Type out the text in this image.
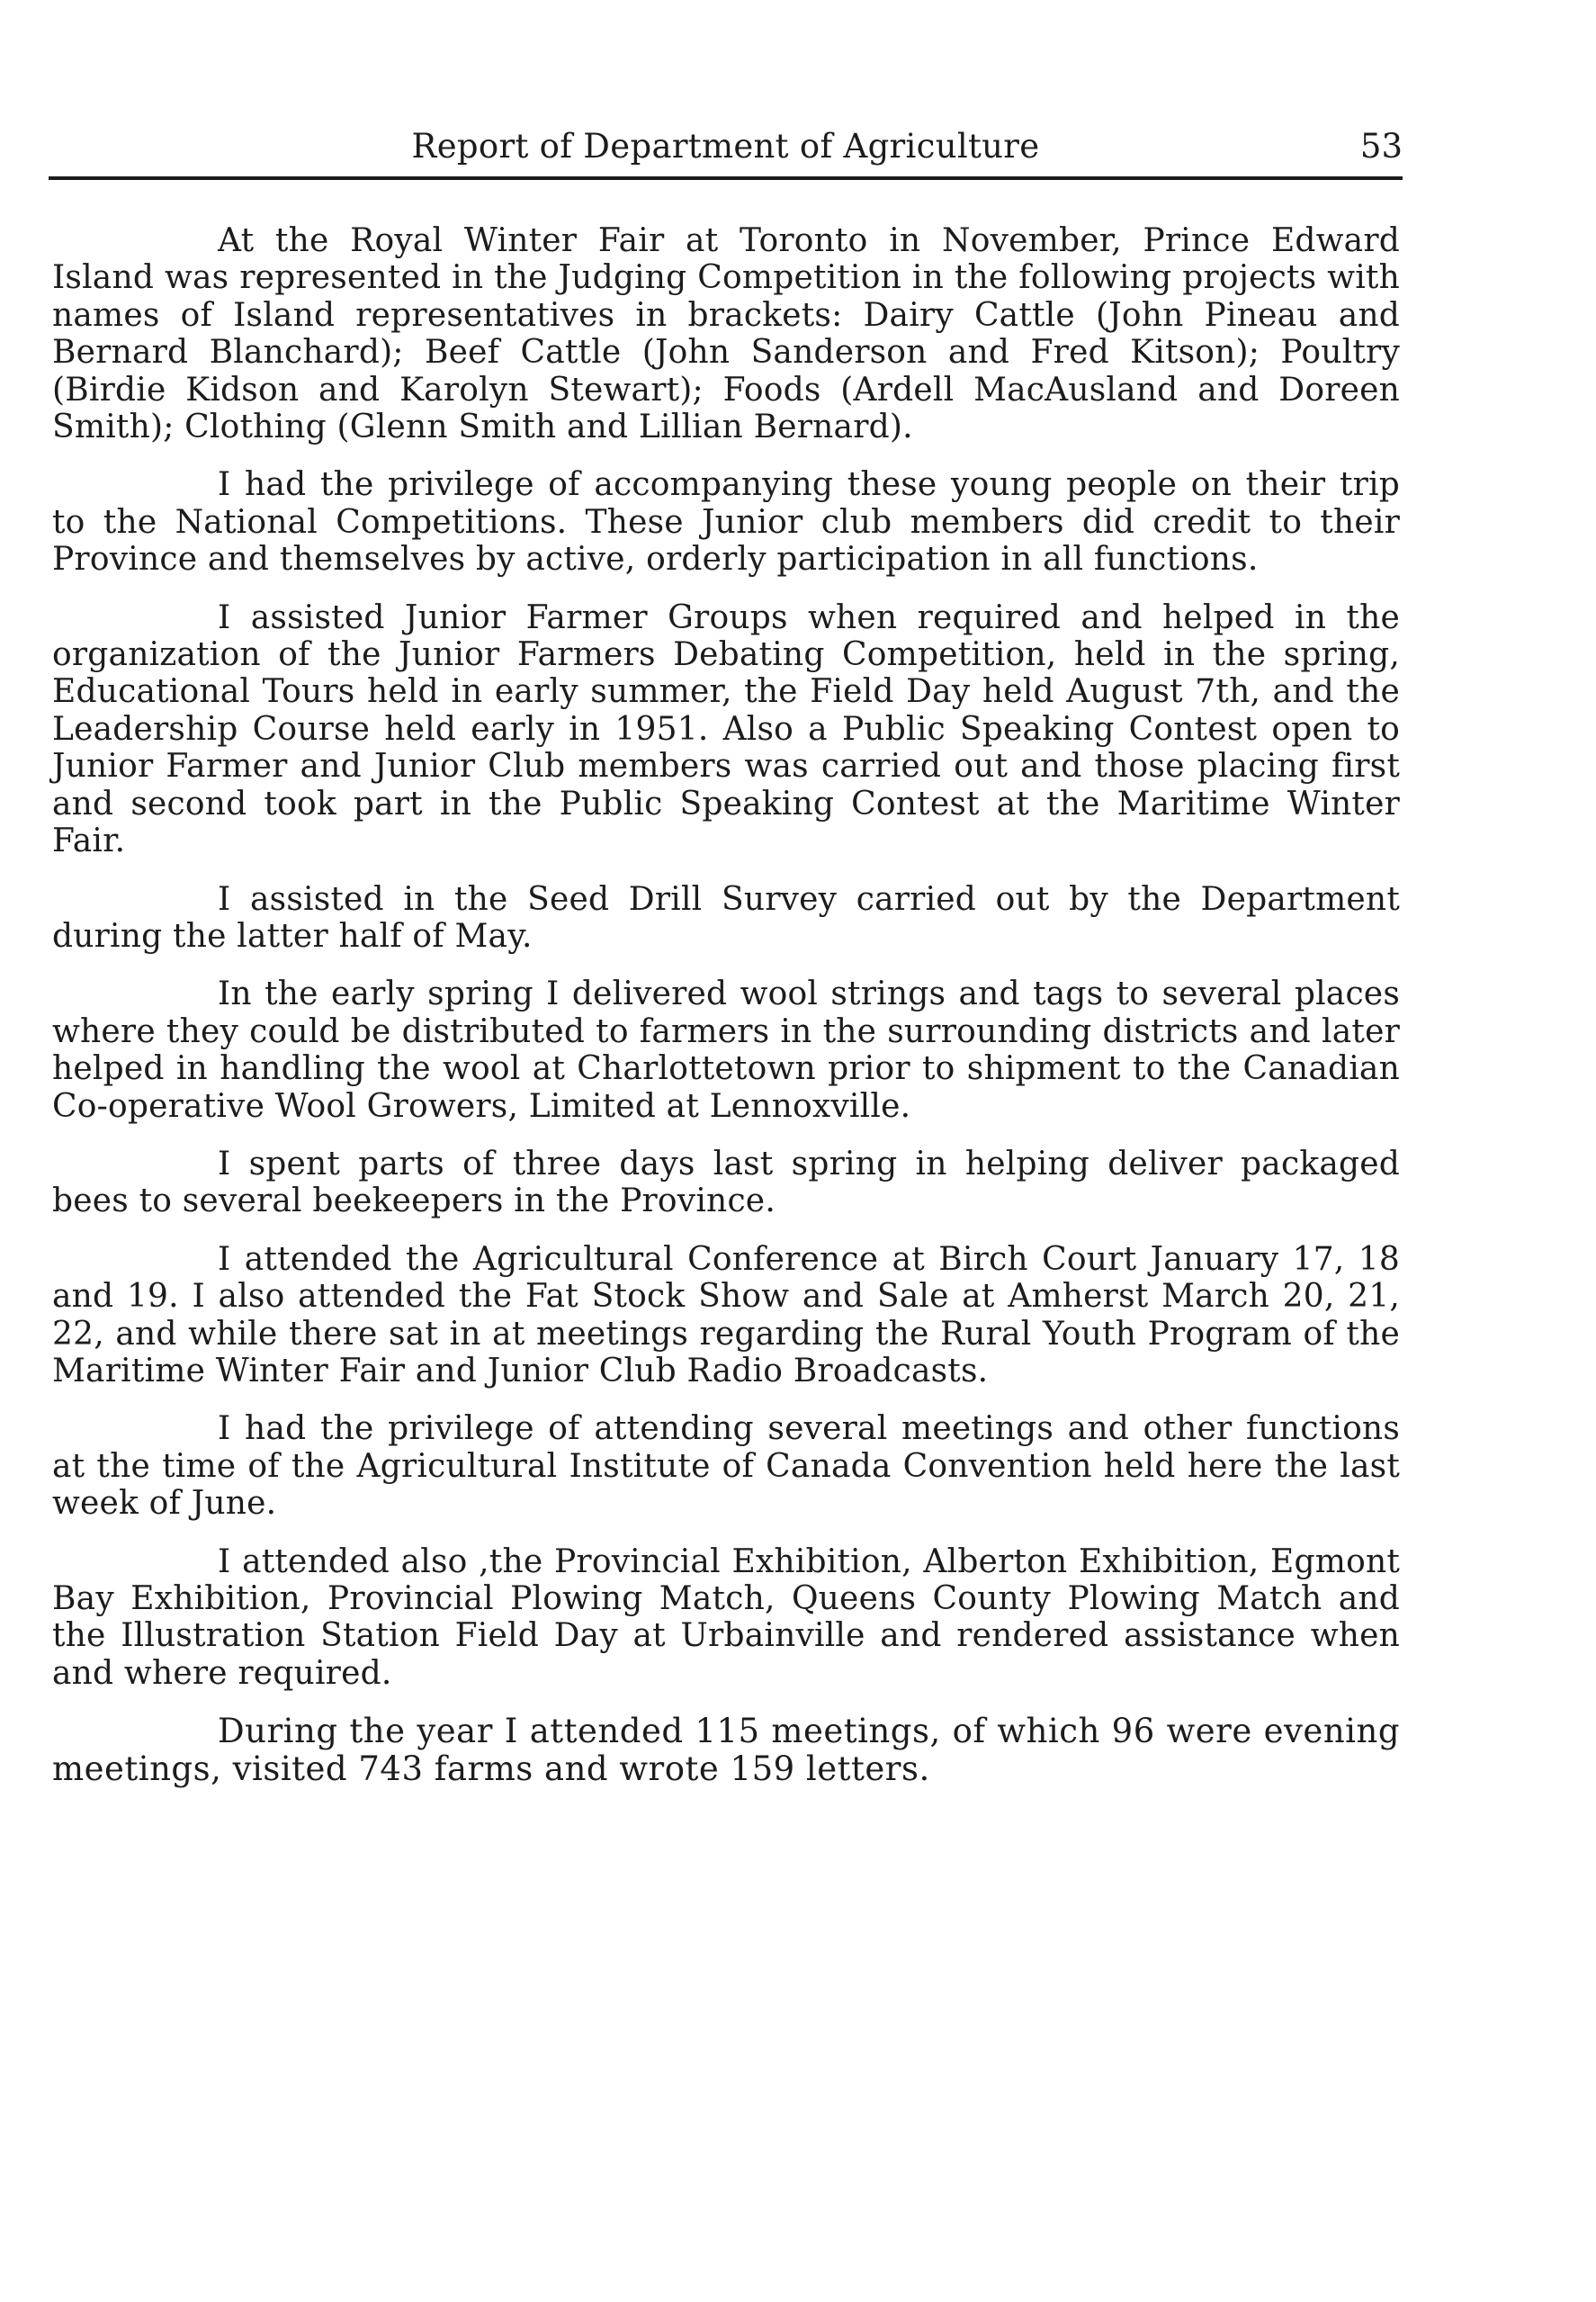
Report of Department of Agriculture	53

At the Royal Winter Fair at Toronto in November, Prince Edward Island was represented in the Judging Competition in the following projects with names of Island representatives in brackets: Dairy Cattle (John Pineau and Bernard Blanchard); Beef Cattle (John Sanderson and Fred Kitson); Poultry (Birdie Kidson and Karolyn Stewart); Foods (Ardell MacAusland and Doreen Smith); Clothing (Glenn Smith and Lillian Bernard).

I had the privilege of accompanying these young people on their trip to the National Competitions. These Junior club members did credit to their Province and themselves by active, orderly participation in all functions.

I assisted Junior Farmer Groups when required and helped in the organization of the Junior Farmers Debating Competition, held in the spring, Educational Tours held in early summer, the Field Day held August 7th, and the Leadership Course held early in 1951. Also a Public Speaking Contest open to Junior Farmer and Junior Club members was carried out and those placing first and second took part in the Public Speaking Contest at the Maritime Winter Fair.

I assisted in the Seed Drill Survey carried out by the Department during the latter half of May.

In the early spring I delivered wool strings and tags to several places where they could be distributed to farmers in the surrounding districts and later helped in handling the wool at Charlottetown prior to shipment to the Canadian Co-operative Wool Growers, Limited at Lennoxville.

I spent parts of three days last spring in helping deliver packaged bees to several beekeepers in the Province.

I attended the Agricultural Conference at Birch Court January 17, 18 and 19. I also attended the Fat Stock Show and Sale at Amherst March 20, 21, 22, and while there sat in at meetings regarding the Rural Youth Program of the Maritime Winter Fair and Junior Club Radio Broadcasts.

I had the privilege of attending several meetings and other functions at the time of the Agricultural Institute of Canada Convention held here the last week of June.

I attended also ,the Provincial Exhibition, Alberton Exhibition, Egmont Bay Exhibition, Provincial Plowing Match, Queens County Plowing Match and the Illustration Station Field Day at Urbainville and rendered assistance when and where required.

During the year I attended 115 meetings, of which 96 were evening meetings, visited 743 farms and wrote 159 letters.
